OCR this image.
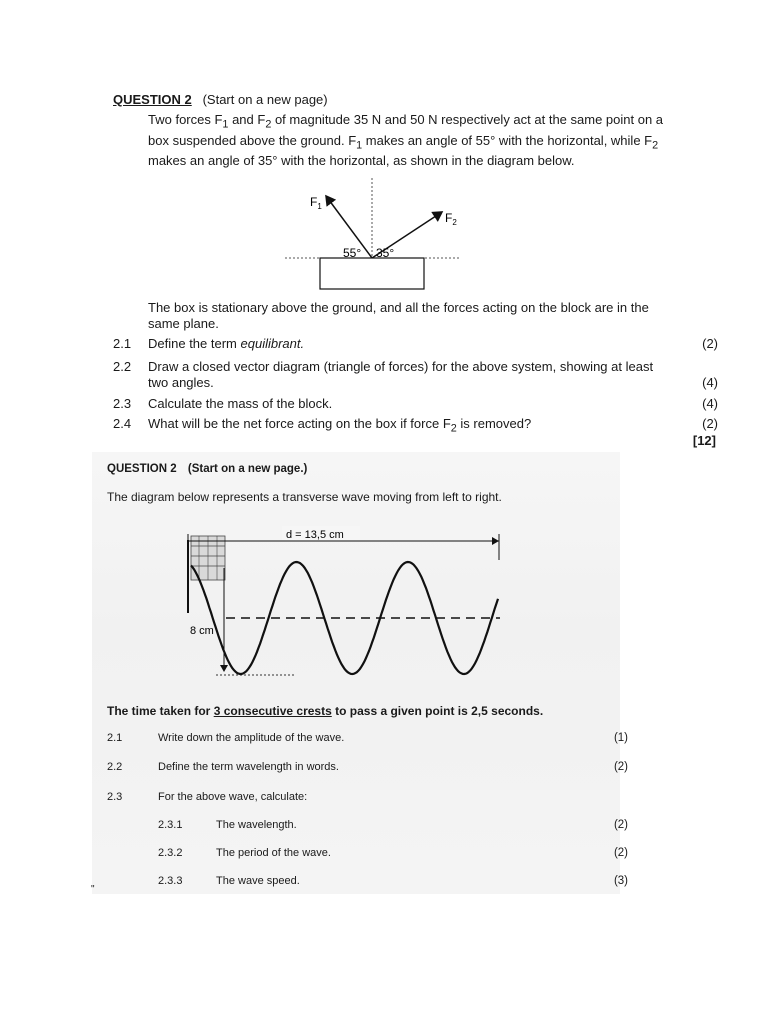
QUESTION 2 (Start on a new page)
Two forces $F_1$ and $F_2$ of magnitude 35 N and 50 N respectively act at the same point on a box suspended above the ground. $F_1$ makes an angle of 55° with the horizontal, while $F_2$ makes an angle of 35° with the horizontal, as shown in the diagram below.
$F_1$
$F_2$
55° 35°
The box is stationary above the ground, and all the forces acting on the block are in the same plane.
2.1 Define the term equilibrant.	(2)
2.2 Draw a closed vector diagram (triangle of forces) for the above system, showing at least two angles.	(4)
2.3 Calculate the mass of the block.	(4)
2.4 What will be the net force acting on the box if force $F_2$ is removed?	(2)
[12]
QUESTION 2 (Start on a new page.)
The diagram below represents a transverse wave moving from left to right.
d = 13,5 cm
8 cm
The time taken for 3 consecutive crests to pass a given point is 2,5 seconds.
2.1	Write down the amplitude of the wave.	(1)
2.2	Define the term wavelength in words.	(2)
2.3	For the above wave, calculate:
2.3.1	The wavelength.	(2)
2.3.2	The period of the wave.	(2)
2.3.3	The wave speed.	(3)
"
